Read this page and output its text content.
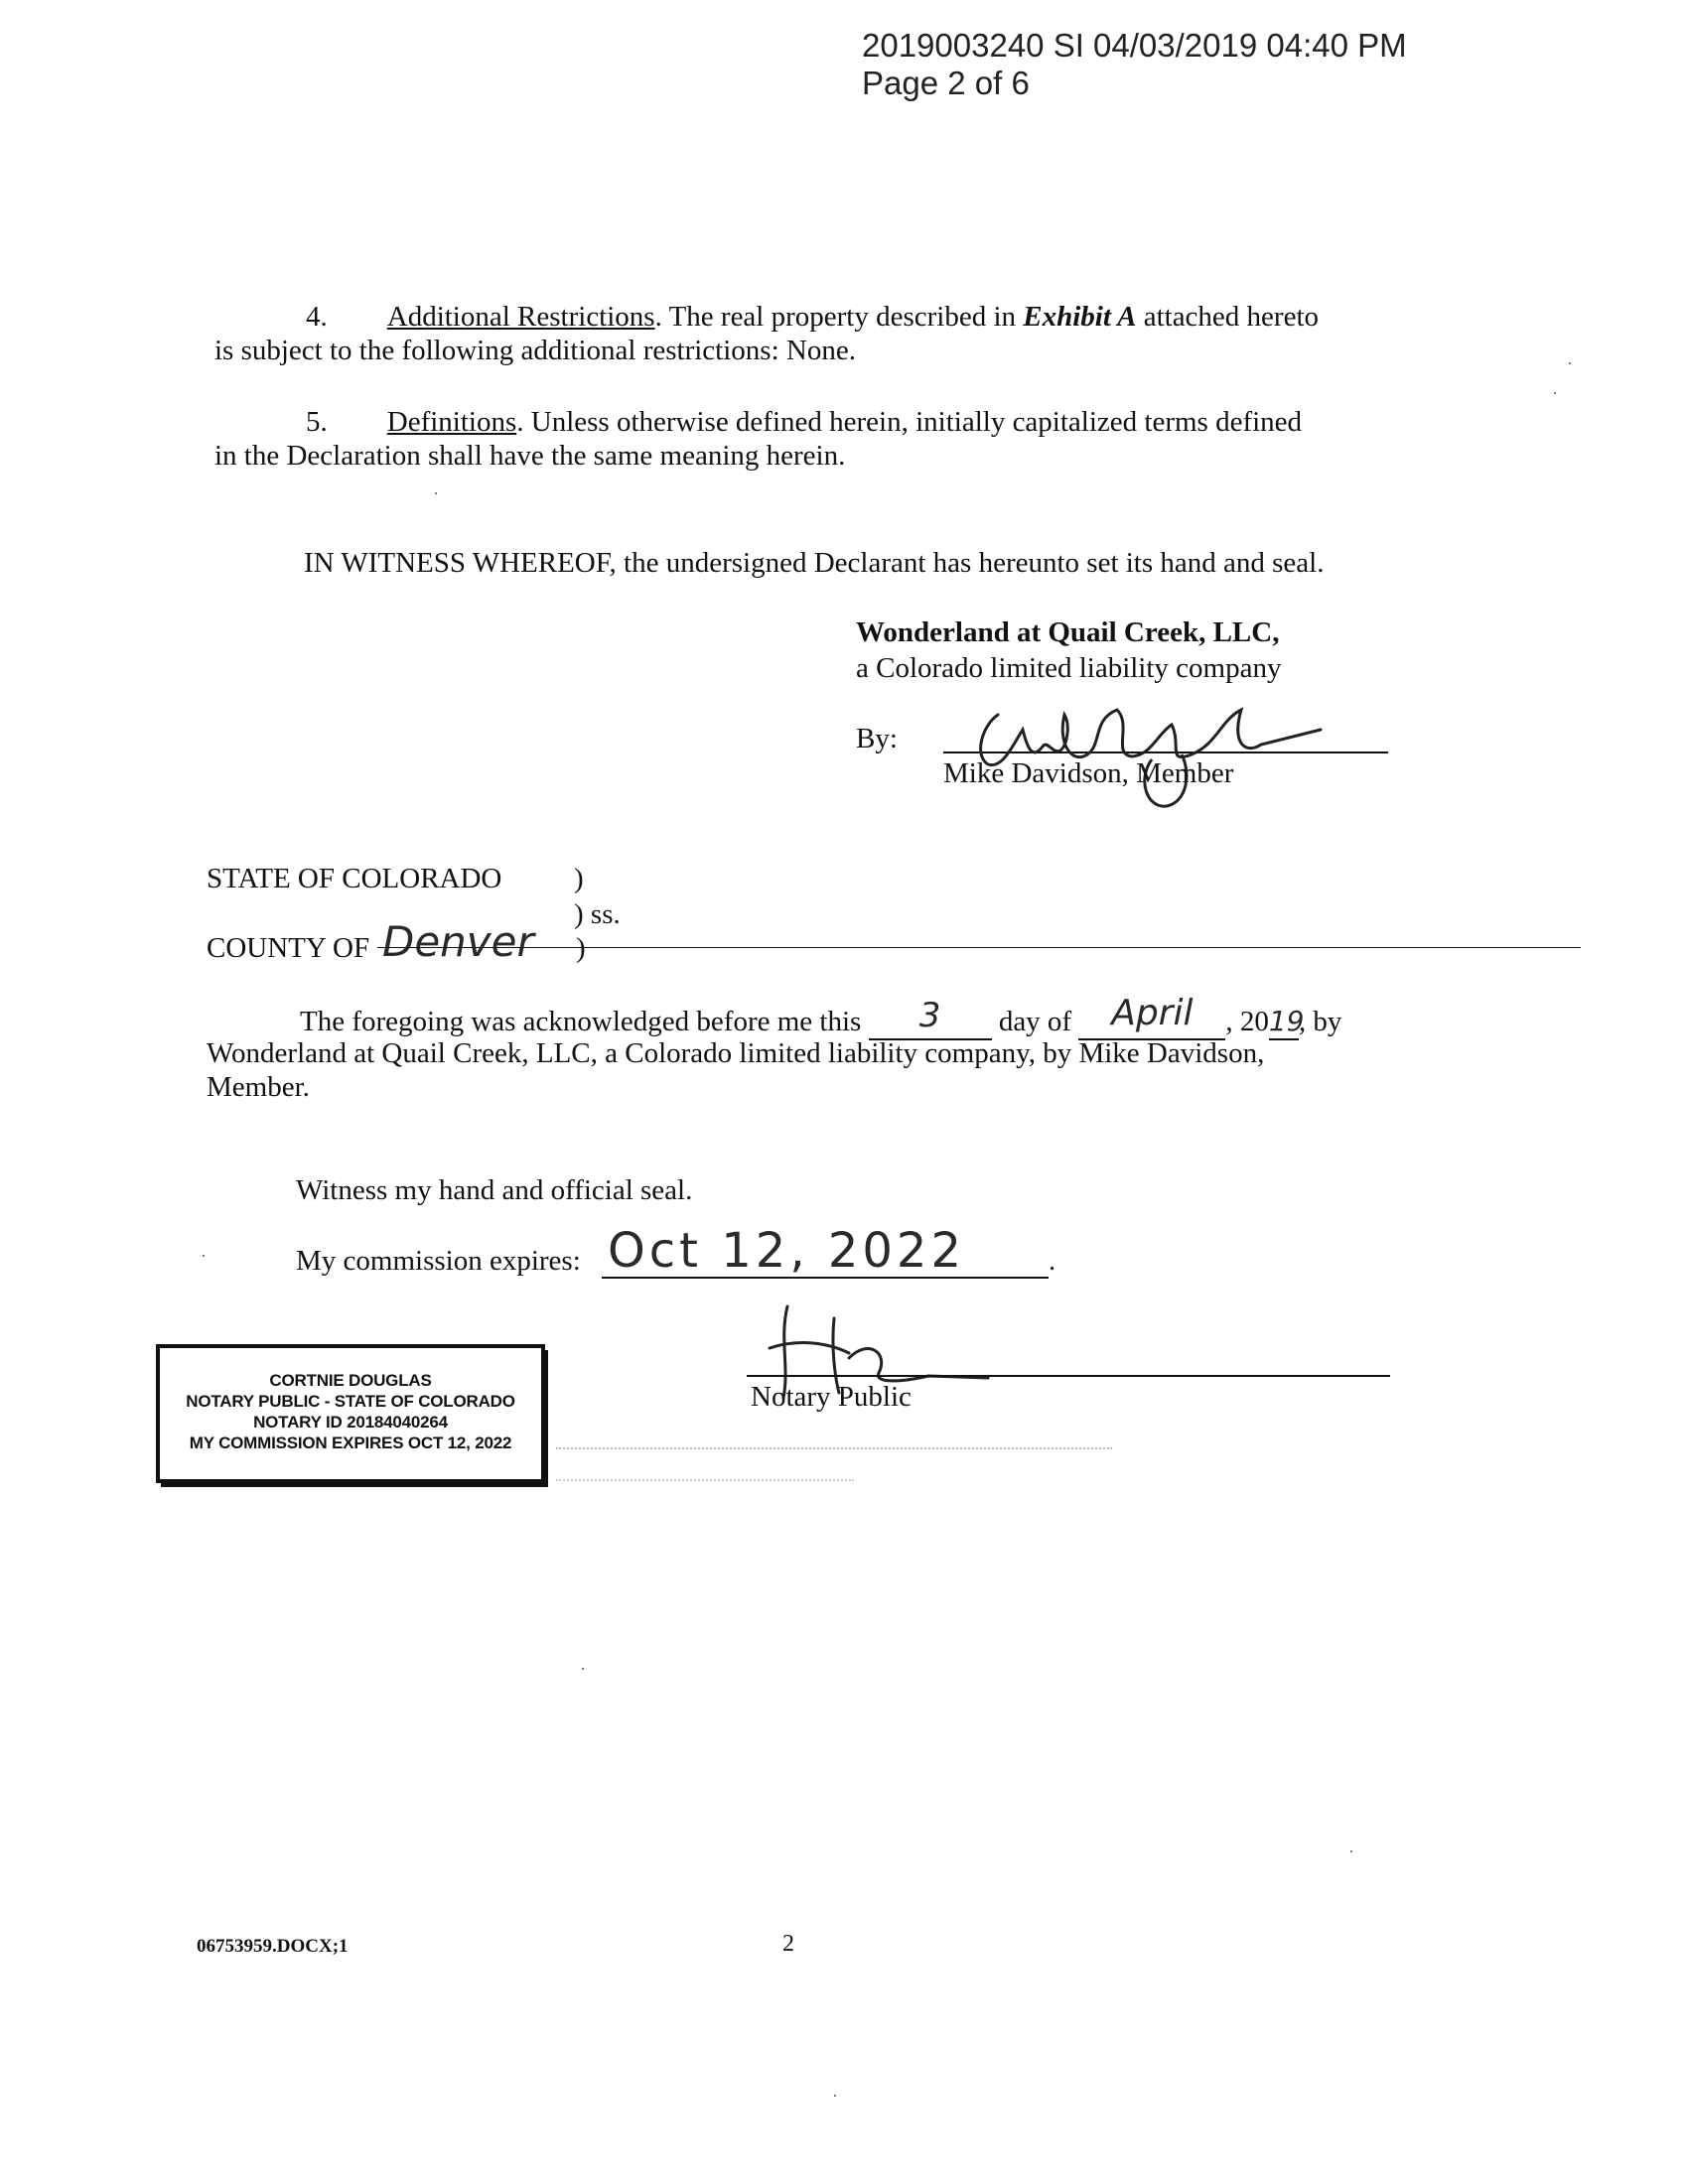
2019003240 SI 04/03/2019 04:40 PM
Page 2 of 6
4. Additional Restrictions. The real property described in Exhibit A attached hereto
is subject to the following additional restrictions: None.
5. Definitions. Unless otherwise defined herein, initially capitalized terms defined
in the Declaration shall have the same meaning herein.
IN WITNESS WHEREOF, the undersigned Declarant has hereunto set its hand and seal.
Wonderland at Quail Creek, LLC,
a Colorado limited liability company
By:
Mike Davidson, Member
STATE OF COLORADO	)
) ss.
COUNTY OF Denver )
The foregoing was acknowledged before me this 3 day of April , 2019, by
Wonderland at Quail Creek, LLC, a Colorado limited liability company, by Mike Davidson,
Member.
Witness my hand and official seal.
My commission expires: Oct 12, 2022	.
Notary Public
CORTNIE DOUGLAS
NOTARY PUBLIC - STATE OF COLORADO
NOTARY ID 20184040264
MY COMMISSION EXPIRES OCT 12, 2022
06753959.DOCX;1	2
